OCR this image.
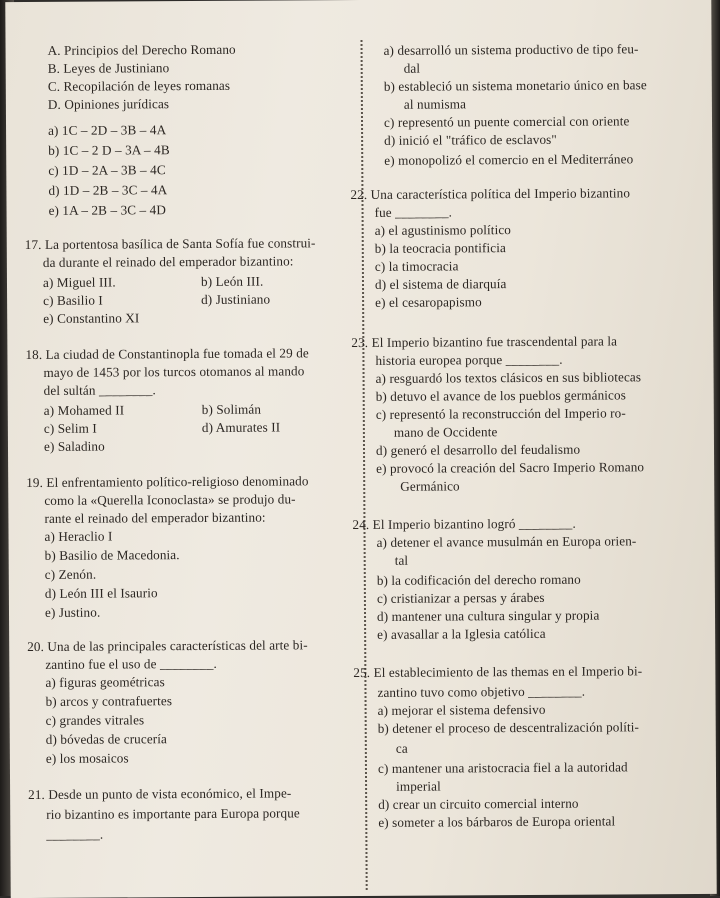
A. Principios del Derecho Romano
B. Leyes de Justiniano
C. Recopilación de leyes romanas
D. Opiniones jurídicas
a) 1C – 2D – 3B – 4A
b) 1C – 2 D – 3A – 4B
c) 1D – 2A – 3B – 4C
d) 1D – 2B – 3C – 4A
e) 1A – 2B – 3C – 4D
17. La portentosa basílica de Santa Sofía fue construi-
da durante el reinado del emperador bizantino:
a) Miguel III.	b) León III.
c) Basilio I	d) Justiniano
e) Constantino XI
18. La ciudad de Constantinopla fue tomada el 29 de
mayo de 1453 por los turcos otomanos al mando
del sultán ________.
a) Mohamed II	b) Solimán
c) Selim I	d) Amurates II
e) Saladino
19. El enfrentamiento político-religioso denominado
como la «Querella Iconoclasta» se produjo du-
rante el reinado del emperador bizantino:
a) Heraclio I
b) Basilio de Macedonia.
c) Zenón.
d) León III el Isaurio
e) Justino.
20. Una de las principales características del arte bi-
zantino fue el uso de ________.
a) figuras geométricas
b) arcos y contrafuertes
c) grandes vitrales
d) bóvedas de crucería
e) los mosaicos
21. Desde un punto de vista económico, el Impe-
rio bizantino es importante para Europa porque
________.
a) desarrolló un sistema productivo de tipo feu-
dal
b) estableció un sistema monetario único en base
al numisma
c) representó un puente comercial con oriente
d) inició el "tráfico de esclavos"
e) monopolizó el comercio en el Mediterráneo
22. Una característica política del Imperio bizantino
fue ________.
a) el agustinismo político
b) la teocracia pontificia
c) la timocracia
d) el sistema de diarquía
e) el cesaropapismo
23. El Imperio bizantino fue trascendental para la
historia europea porque ________.
a) resguardó los textos clásicos en sus bibliotecas
b) detuvo el avance de los pueblos germánicos
c) representó la reconstrucción del Imperio ro-
mano de Occidente
d) generó el desarrollo del feudalismo
e) provocó la creación del Sacro Imperio Romano
Germánico
24. El Imperio bizantino logró ________.
a) detener el avance musulmán en Europa orien-
tal
b) la codificación del derecho romano
c) cristianizar a persas y árabes
d) mantener una cultura singular y propia
e) avasallar a la Iglesia católica
25. El establecimiento de las themas en el Imperio bi-
zantino tuvo como objetivo ________.
a) mejorar el sistema defensivo
b) detener el proceso de descentralización políti-
ca
c) mantener una aristocracia fiel a la autoridad
imperial
d) crear un circuito comercial interno
e) someter a los bárbaros de Europa oriental
